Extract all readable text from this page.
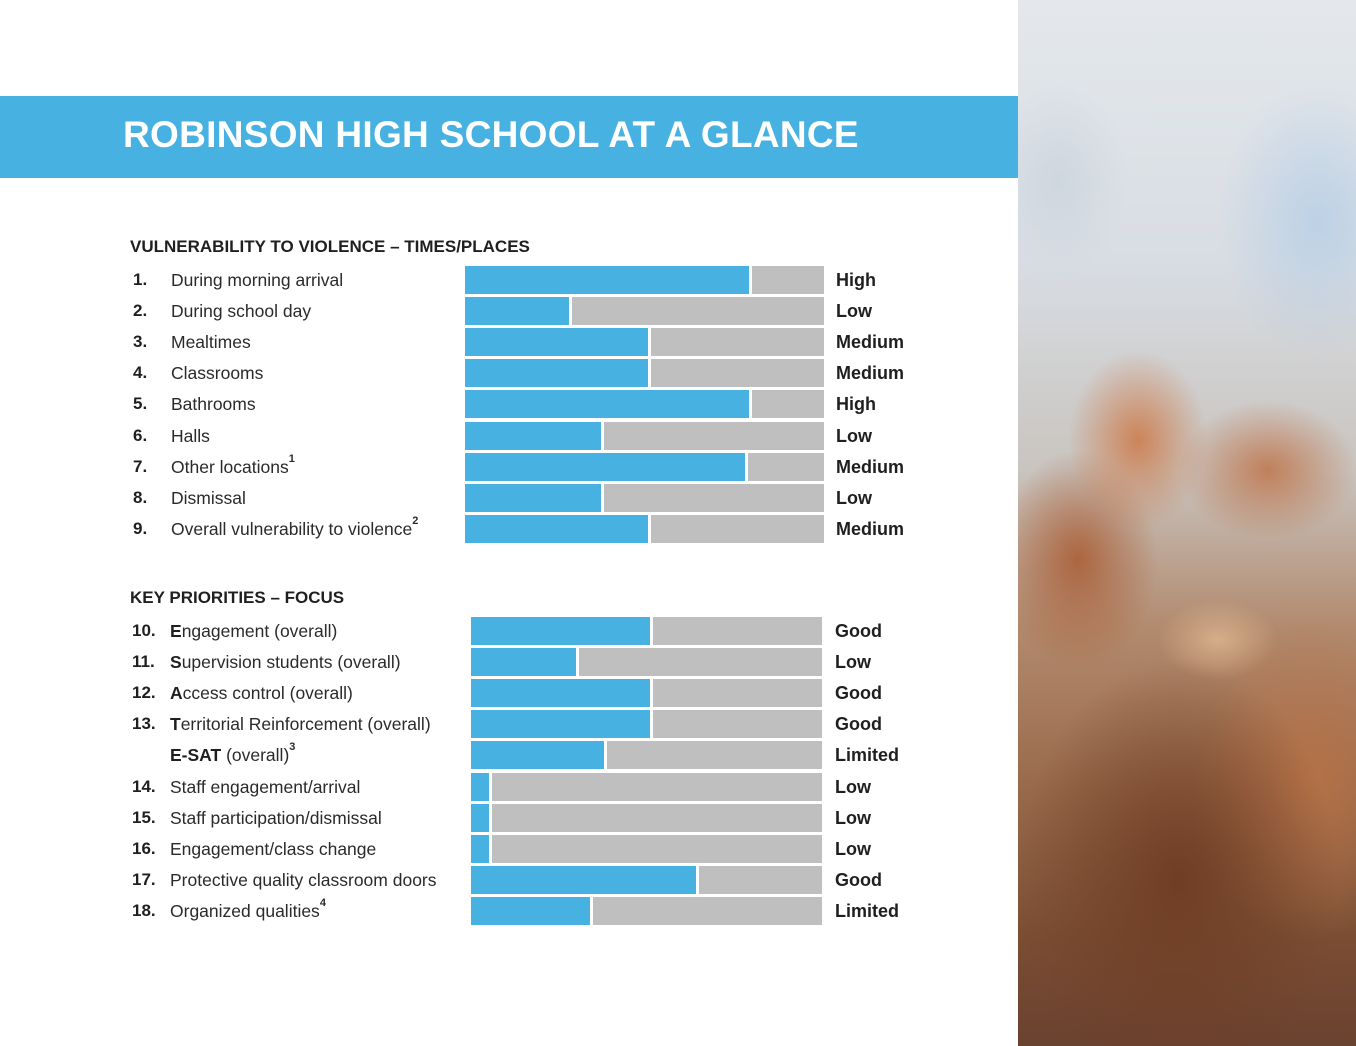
ROBINSON HIGH SCHOOL AT A GLANCE
VULNERABILITY TO VIOLENCE – TIMES/PLACES
1. During morning arrival	High
2. During school day	Low
3. Mealtimes	Medium
4. Classrooms	Medium
5. Bathrooms	High
6. Halls	Low
7. Other locations$^1$	Medium
8. Dismissal	Low
9. Overall vulnerability to violence$^2$	Medium
KEY PRIORITIES – FOCUS
10. Engagement (overall)	Good
11. Supervision students (overall)	Low
12. Access control (overall)	Good
13. Territorial Reinforcement (overall)	Good
E-SAT (overall)$^3$	Limited
14. Staff engagement/arrival	Low
15. Staff participation/dismissal	Low
16. Engagement/class change	Low
17. Protective quality classroom doors	Good
18. Organized qualities$^4$	Limited
